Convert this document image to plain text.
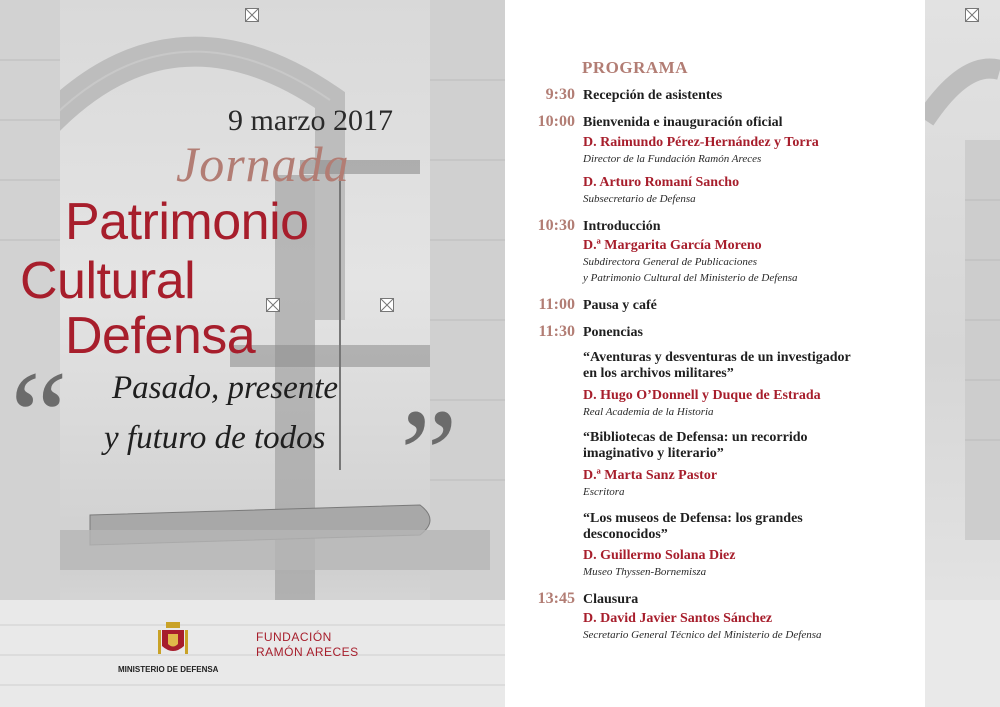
9 marzo 2017
Jornada
Patrimonio
Cultural
Defensa
“	”
Pasado, presente
y futuro de todos
MINISTERIO DE DEFENSA
FUNDACIÓN
RAMÓN ARECES
PROGRAMA
9:30 Recepción de asistentes
10:00 Bienvenida e inauguración oficial
D. Raimundo Pérez-Hernández y Torra
Director de la Fundación Ramón Areces
D. Arturo Romaní Sancho
Subsecretario de Defensa
10:30 Introducción
D.ª Margarita García Moreno
Subdirectora General de Publicaciones
y Patrimonio Cultural del Ministerio de Defensa
11:00 Pausa y café
11:30 Ponencias
“Aventuras y desventuras de un investigador
en los archivos militares”
D. Hugo O’Donnell y Duque de Estrada
Real Academia de la Historia
“Bibliotecas de Defensa: un recorrido
imaginativo y literario”
D.ª Marta Sanz Pastor
Escritora
“Los museos de Defensa: los grandes
desconocidos”
D. Guillermo Solana Diez
Museo Thyssen-Bornemisza
13:45 Clausura
D. David Javier Santos Sánchez
Secretario General Técnico del Ministerio de Defensa
